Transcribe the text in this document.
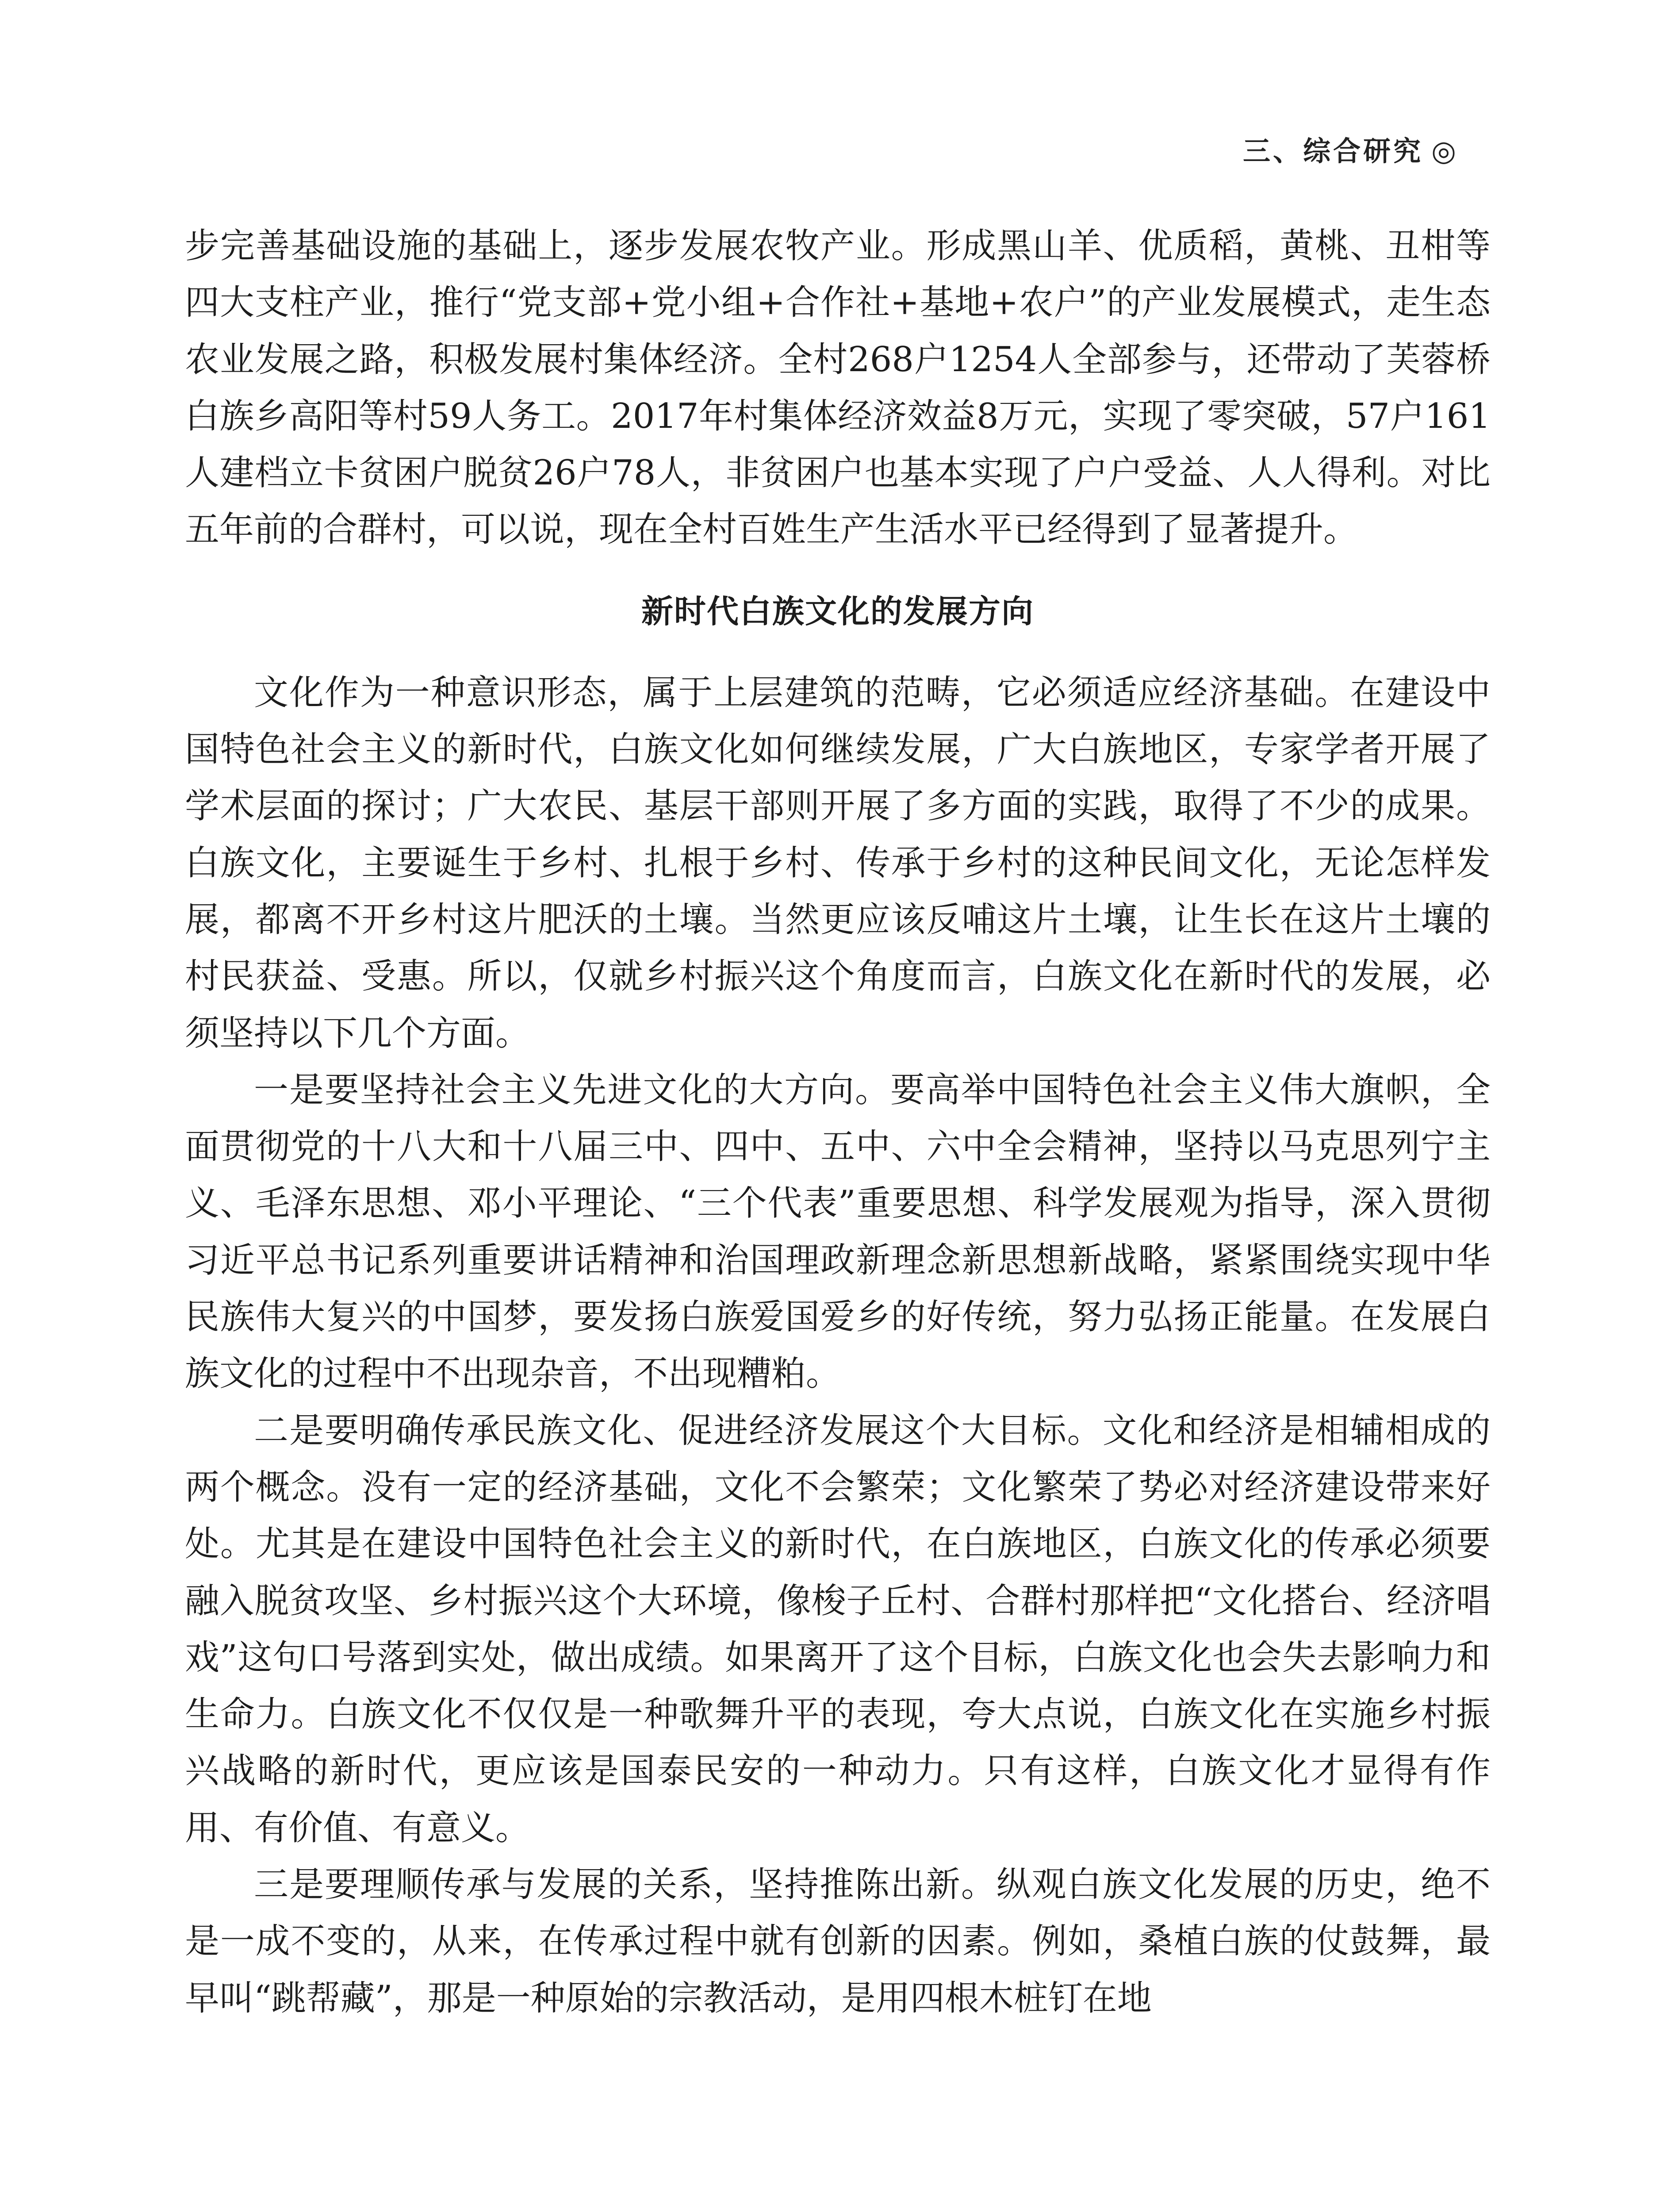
三、综合研究 ◎

步完善基础设施的基础上，逐步发展农牧产业。形成黑山羊、优质稻，黄桃、丑柑等四大支柱产业，推行“党支部+党小组+合作社+基地+农户”的产业发展模式，走生态农业发展之路，积极发展村集体经济。全村268户1254人全部参与，还带动了芙蓉桥白族乡高阳等村59人务工。2017年村集体经济效益8万元，实现了零突破，57户161人建档立卡贫困户脱贫26户78人，非贫困户也基本实现了户户受益、人人得利。对比五年前的合群村，可以说，现在全村百姓生产生活水平已经得到了显著提升。

新时代白族文化的发展方向

文化作为一种意识形态，属于上层建筑的范畴，它必须适应经济基础。在建设中国特色社会主义的新时代，白族文化如何继续发展，广大白族地区，专家学者开展了学术层面的探讨；广大农民、基层干部则开展了多方面的实践，取得了不少的成果。白族文化，主要诞生于乡村、扎根于乡村、传承于乡村的这种民间文化，无论怎样发展，都离不开乡村这片肥沃的土壤。当然更应该反哺这片土壤，让生长在这片土壤的村民获益、受惠。所以，仅就乡村振兴这个角度而言，白族文化在新时代的发展，必须坚持以下几个方面。

一是要坚持社会主义先进文化的大方向。要高举中国特色社会主义伟大旗帜，全面贯彻党的十八大和十八届三中、四中、五中、六中全会精神，坚持以马克思列宁主义、毛泽东思想、邓小平理论、“三个代表”重要思想、科学发展观为指导，深入贯彻习近平总书记系列重要讲话精神和治国理政新理念新思想新战略，紧紧围绕实现中华民族伟大复兴的中国梦，要发扬白族爱国爱乡的好传统，努力弘扬正能量。在发展白族文化的过程中不出现杂音，不出现糟粕。

二是要明确传承民族文化、促进经济发展这个大目标。文化和经济是相辅相成的两个概念。没有一定的经济基础，文化不会繁荣；文化繁荣了势必对经济建设带来好处。尤其是在建设中国特色社会主义的新时代，在白族地区，白族文化的传承必须要融入脱贫攻坚、乡村振兴这个大环境，像梭子丘村、合群村那样把“文化搭台、经济唱戏”这句口号落到实处，做出成绩。如果离开了这个目标，白族文化也会失去影响力和生命力。白族文化不仅仅是一种歌舞升平的表现，夸大点说，白族文化在实施乡村振兴战略的新时代，更应该是国泰民安的一种动力。只有这样，白族文化才显得有作用、有价值、有意义。

三是要理顺传承与发展的关系，坚持推陈出新。纵观白族文化发展的历史，绝不是一成不变的，从来，在传承过程中就有创新的因素。例如，桑植白族的仗鼓舞，最早叫“跳帮藏”，那是一种原始的宗教活动，是用四根木桩钉在地
